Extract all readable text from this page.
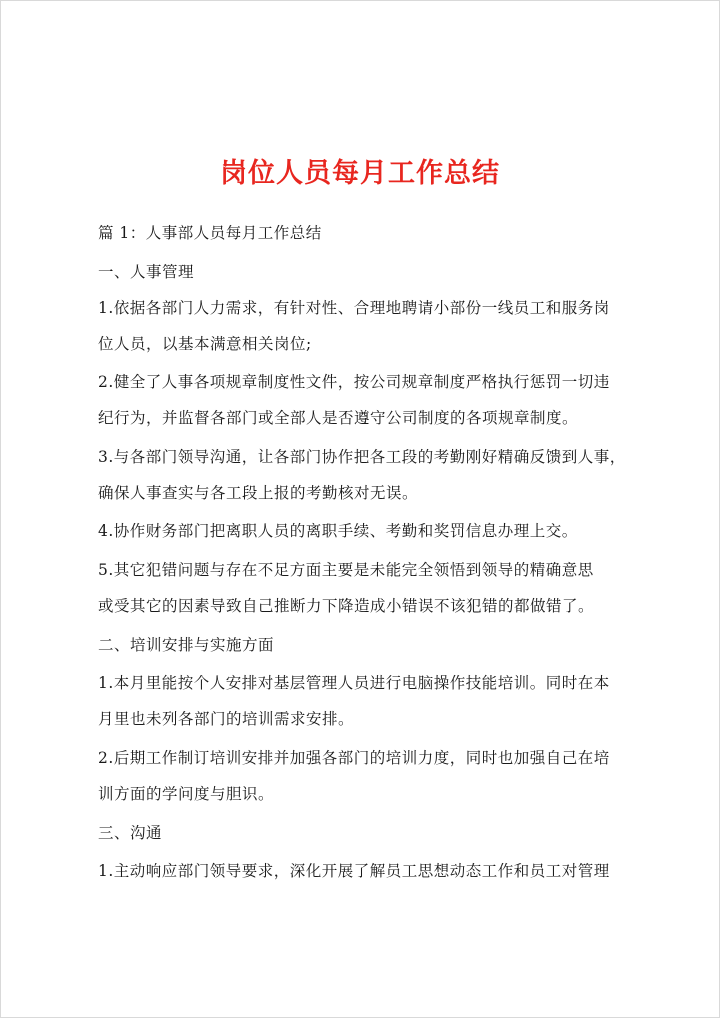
岗位人员每月工作总结
篇 1：人事部人员每月工作总结
一、人事管理
1.依据各部门人力需求，有针对性、合理地聘请小部份一线员工和服务岗
位人员，以基本满意相关岗位;
2.健全了人事各项规章制度性文件，按公司规章制度严格执行惩罚一切违
纪行为，并监督各部门或全部人是否遵守公司制度的各项规章制度。
3.与各部门领导沟通，让各部门协作把各工段的考勤刚好精确反馈到人事，
确保人事查实与各工段上报的考勤核对无误。
4.协作财务部门把离职人员的离职手续、考勤和奖罚信息办理上交。
5.其它犯错问题与存在不足方面主要是未能完全领悟到领导的精确意思
或受其它的因素导致自己推断力下降造成小错误不该犯错的都做错了。
二、培训安排与实施方面
1.本月里能按个人安排对基层管理人员进行电脑操作技能培训。同时在本
月里也未列各部门的培训需求安排。
2.后期工作制订培训安排并加强各部门的培训力度，同时也加强自己在培
训方面的学问度与胆识。
三、沟通
1.主动响应部门领导要求，深化开展了解员工思想动态工作和员工对管理
